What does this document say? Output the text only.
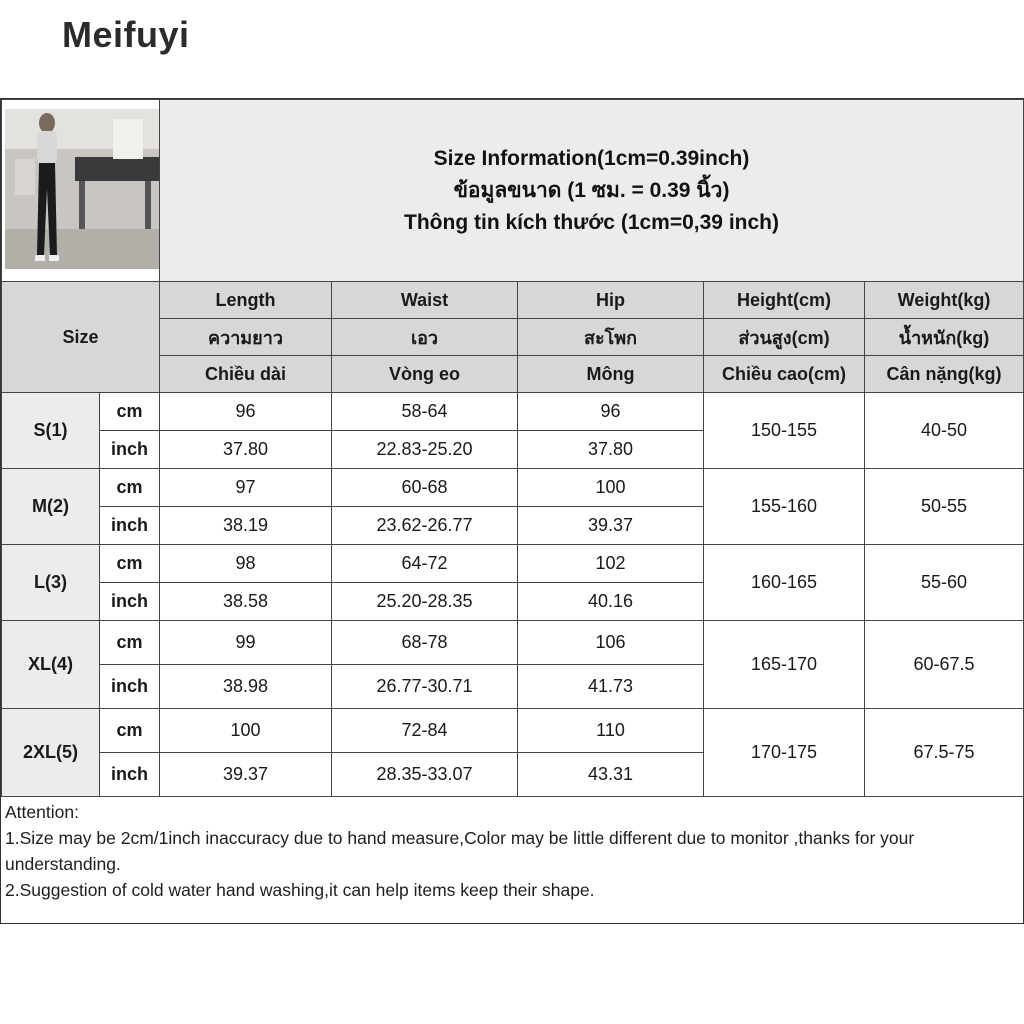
Meifuyi

Size Information(1cm=0.39inch)
ข้อมูลขนาด (1 ซม. = 0.39 นิ้ว)
Thông tin kích thước (1cm=0,39 inch)				

Size		Length	Waist	Hip	Height(cm)	Weight(kg)
		ความยาว	เอว	สะโพก	ส่วนสูง(cm)	น้ำหนัก(kg)
		Chiều dài	Vòng eo	Mông	Chiều cao(cm)	Cân nặng(kg)
S(1)	cm	96	58-64	96	150-155	40-50
	inch	37.80	22.83-25.20	37.80		
M(2)	cm	97	60-68	100	155-160	50-55
	inch	38.19	23.62-26.77	39.37		
L(3)	cm	98	64-72	102	160-165	55-60
	inch	38.58	25.20-28.35	40.16		
XL(4)	cm	99	68-78	106	165-170	60-67.5
	inch	38.98	26.77-30.71	41.73		
2XL(5)	cm	100	72-84	110	170-175	67.5-75
	inch	39.37	28.35-33.07	43.31		
Attention:
1.Size may be 2cm/1inch inaccuracy due to hand measure,Color may be little different due to monitor ,thanks for your understanding.
2.Suggestion of cold water hand washing,it can help items keep their shape.
